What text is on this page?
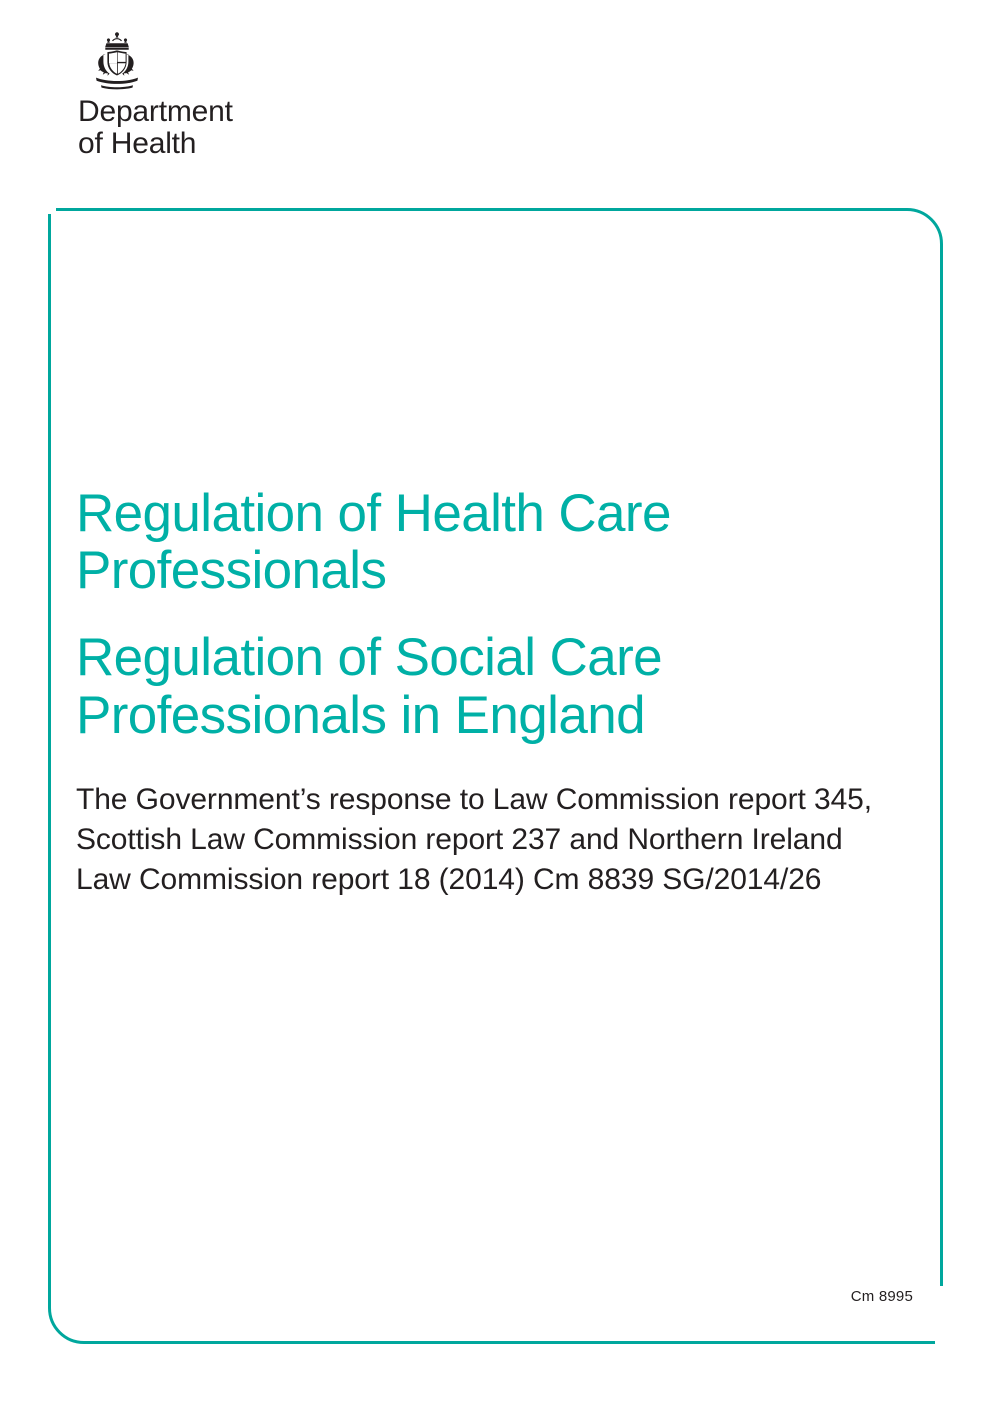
Department
of Health
Regulation of Health Care
Professionals
Regulation of Social Care
Professionals in England

The Government’s response to Law Commission report 345, Scottish Law Commission report 237 and Northern Ireland Law Commission report 18 (2014) Cm 8839 SG/2014/26

Cm 8995
